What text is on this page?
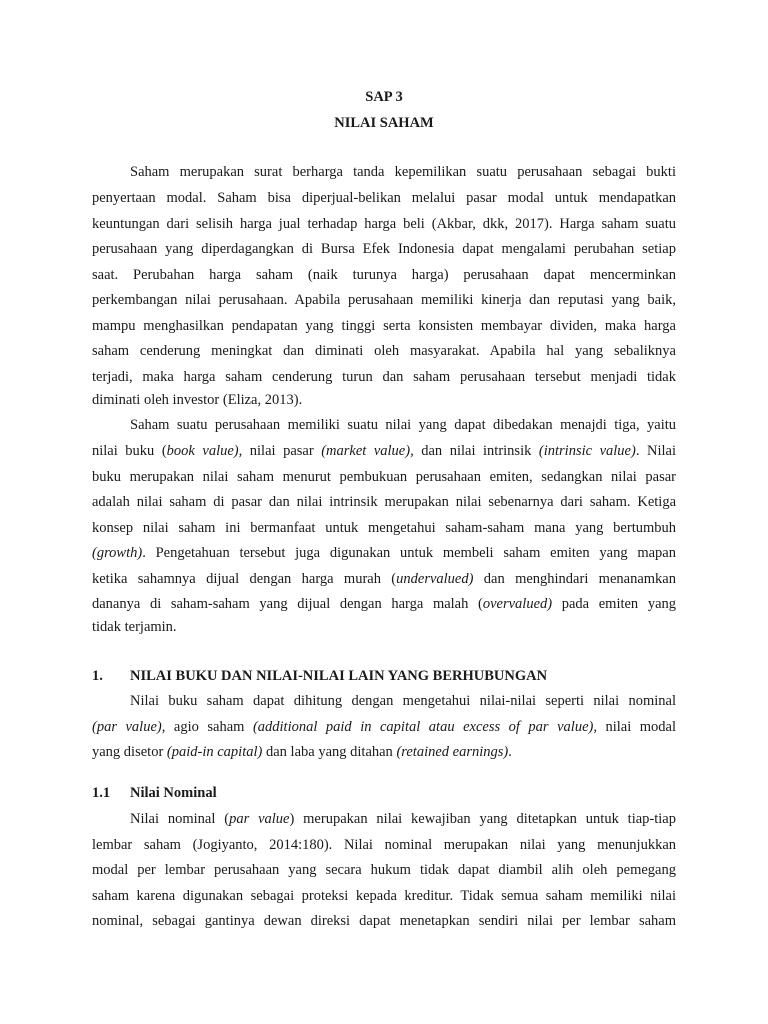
SAP 3
NILAI SAHAM
Saham merupakan surat berharga tanda kepemilikan suatu perusahaan sebagai bukti
penyertaan modal. Saham bisa diperjual-belikan melalui pasar modal untuk mendapatkan
keuntungan dari selisih harga jual terhadap harga beli (Akbar, dkk, 2017). Harga saham suatu
perusahaan yang diperdagangkan di Bursa Efek Indonesia dapat mengalami perubahan setiap
saat. Perubahan harga saham (naik turunya harga) perusahaan dapat mencerminkan
perkembangan nilai perusahaan. Apabila perusahaan memiliki kinerja dan reputasi yang baik,
mampu menghasilkan pendapatan yang tinggi serta konsisten membayar dividen, maka harga
saham cenderung meningkat dan diminati oleh masyarakat. Apabila hal yang sebaliknya
terjadi, maka harga saham cenderung turun dan saham perusahaan tersebut menjadi tidak
diminati oleh investor (Eliza, 2013).
Saham suatu perusahaan memiliki suatu nilai yang dapat dibedakan menajdi tiga, yaitu
nilai buku (book value), nilai pasar (market value), dan nilai intrinsik (intrinsic value). Nilai
buku merupakan nilai saham menurut pembukuan perusahaan emiten, sedangkan nilai pasar
adalah nilai saham di pasar dan nilai intrinsik merupakan nilai sebenarnya dari saham. Ketiga
konsep nilai saham ini bermanfaat untuk mengetahui saham-saham mana yang bertumbuh
(growth). Pengetahuan tersebut juga digunakan untuk membeli saham emiten yang mapan
ketika sahamnya dijual dengan harga murah (undervalued) dan menghindari menanamkan
dananya di saham-saham yang dijual dengan harga malah (overvalued) pada emiten yang
tidak terjamin.
1. NILAI BUKU DAN NILAI-NILAI LAIN YANG BERHUBUNGAN
Nilai buku saham dapat dihitung dengan mengetahui nilai-nilai seperti nilai nominal
(par value), agio saham (additional paid in capital atau excess of par value), nilai modal
yang disetor (paid-in capital) dan laba yang ditahan (retained earnings).
1.1 Nilai Nominal
Nilai nominal (par value) merupakan nilai kewajiban yang ditetapkan untuk tiap-tiap
lembar saham (Jogiyanto, 2014:180). Nilai nominal merupakan nilai yang menunjukkan
modal per lembar perusahaan yang secara hukum tidak dapat diambil alih oleh pemegang
saham karena digunakan sebagai proteksi kepada kreditur. Tidak semua saham memiliki nilai
nominal, sebagai gantinya dewan direksi dapat menetapkan sendiri nilai per lembar saham
